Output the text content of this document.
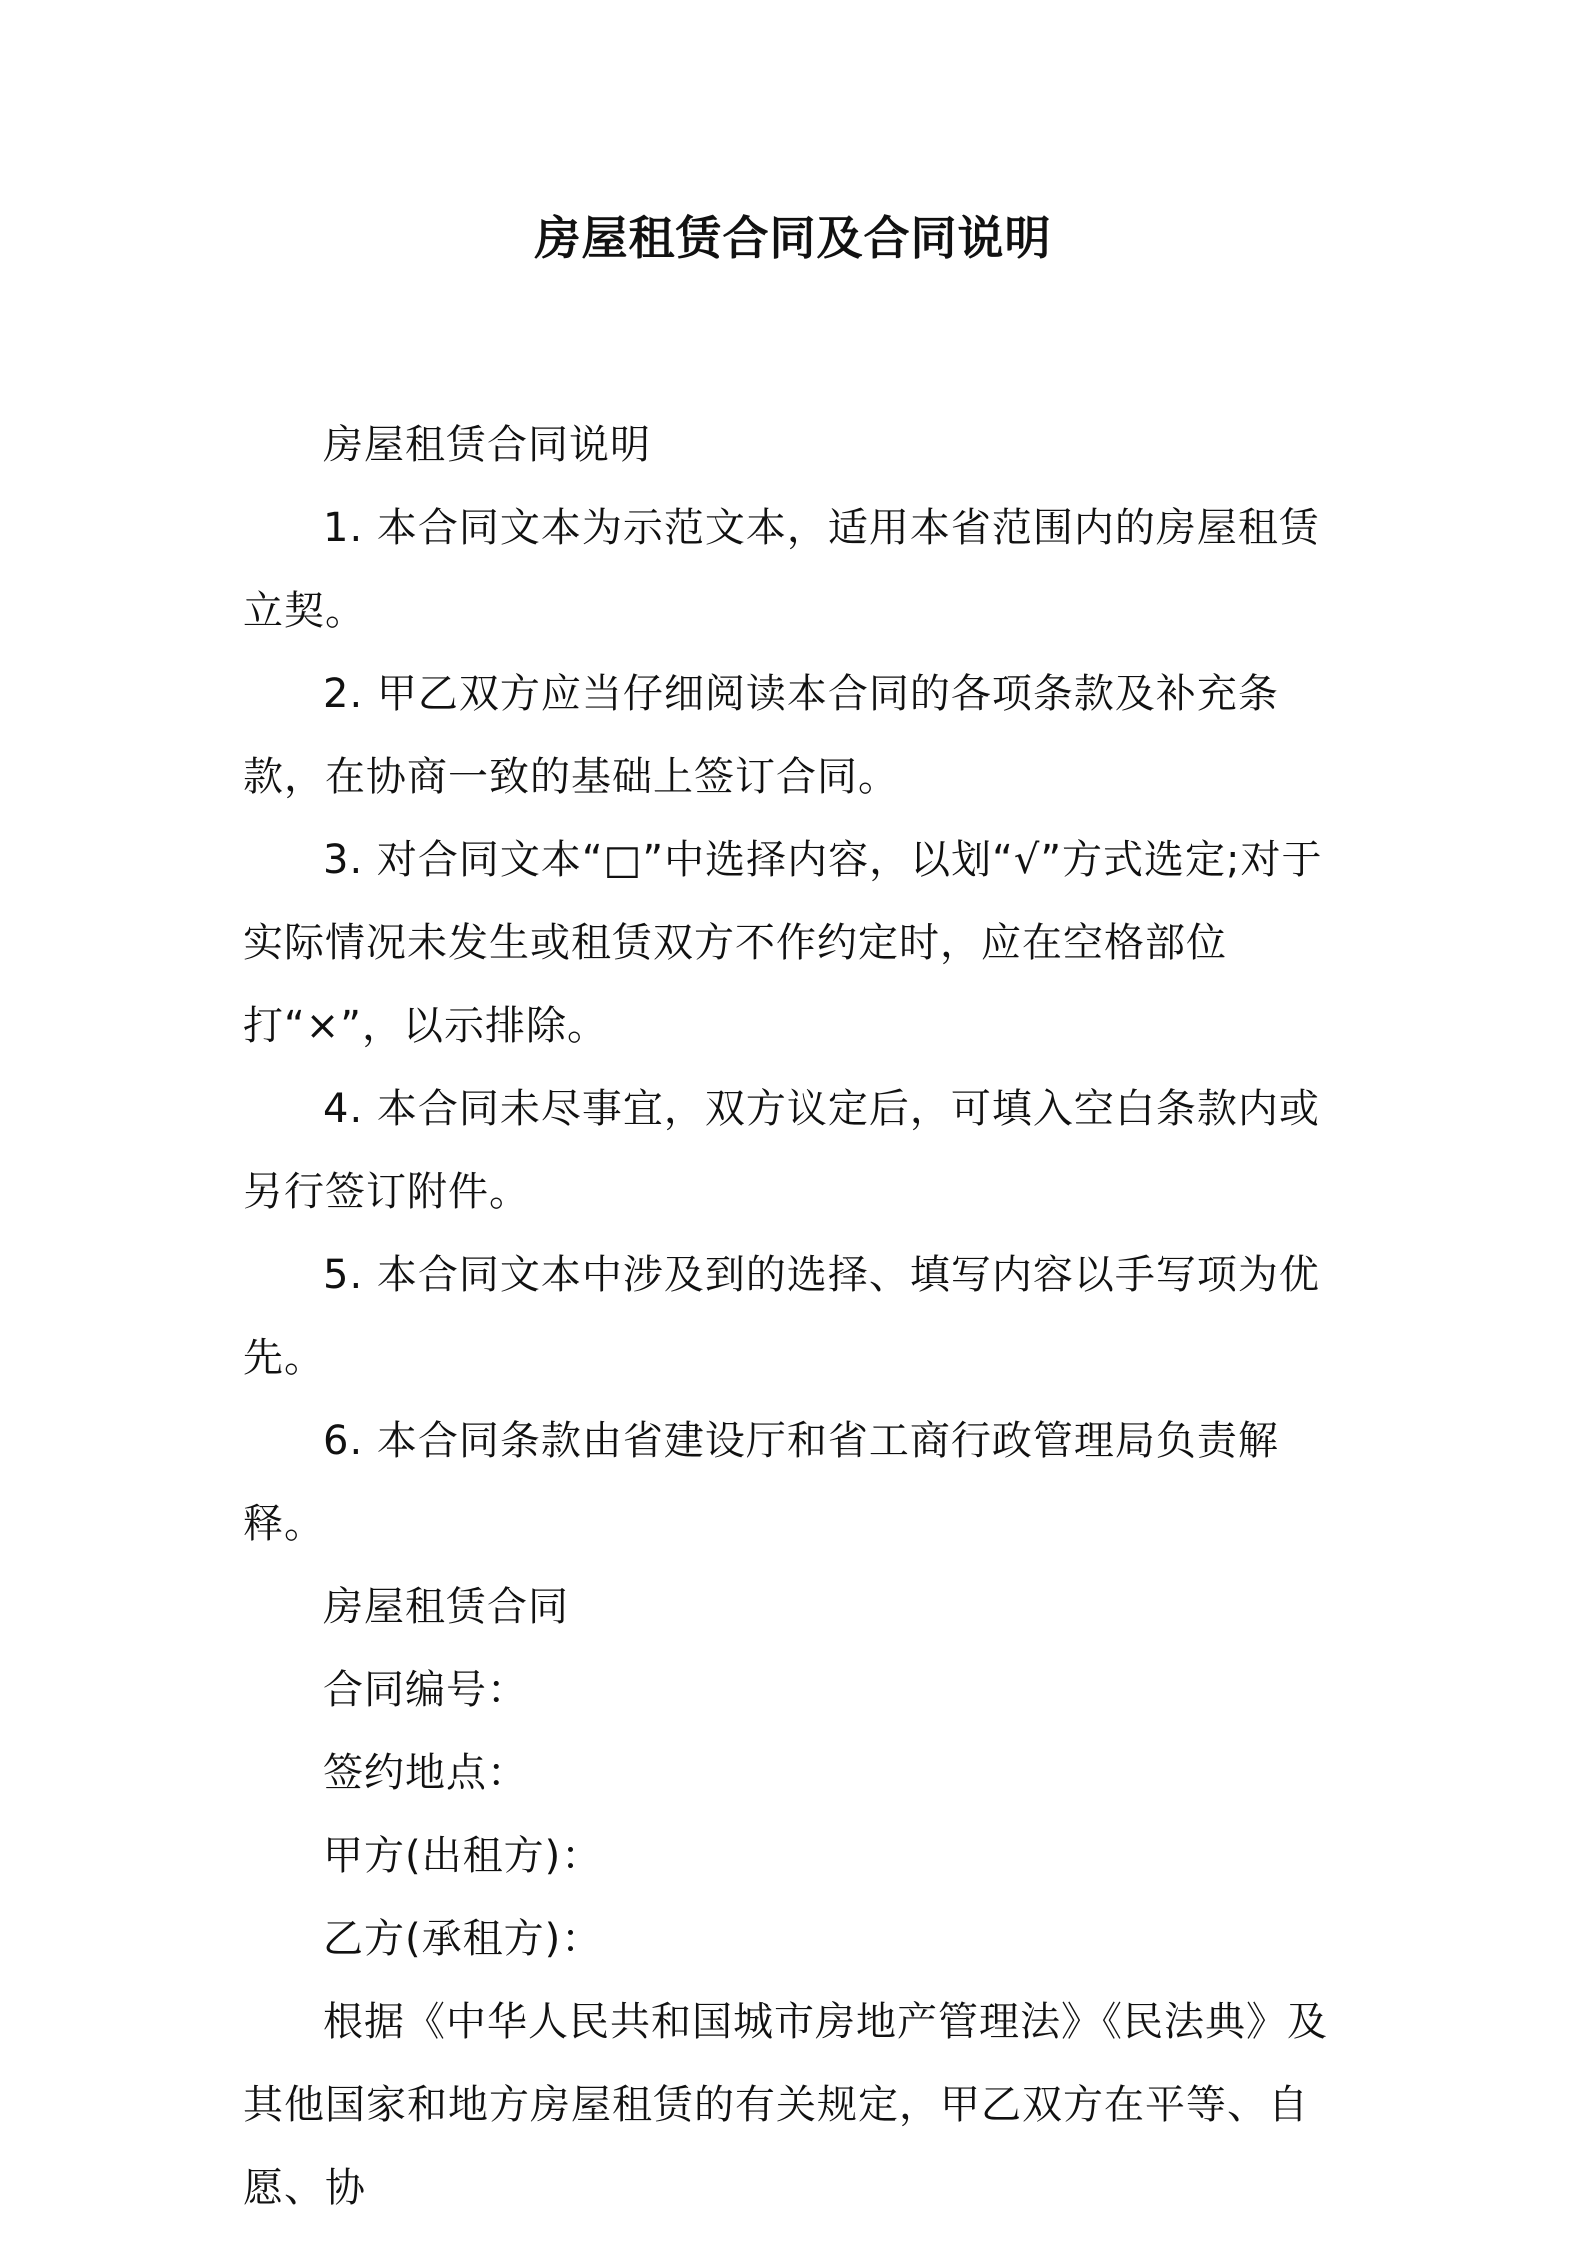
房屋租赁合同及合同说明

房屋租赁合同说明

1. 本合同文本为示范文本，适用本省范围内的房屋租赁立契。

2. 甲乙双方应当仔细阅读本合同的各项条款及补充条款，在协商一致的基础上签订合同。

3. 对合同文本“□”中选择内容，以划“√”方式选定;对于实际情况未发生或租赁双方不作约定时，应在空格部位打“×”，以示排除。

4. 本合同未尽事宜，双方议定后，可填入空白条款内或另行签订附件。

5. 本合同文本中涉及到的选择、填写内容以手写项为优先。

6. 本合同条款由省建设厅和省工商行政管理局负责解释。

房屋租赁合同

合同编号：

签约地点：

甲方(出租方)：

乙方(承租方)：

根据《中华人民共和国城市房地产管理法》《民法典》及其他国家和地方房屋租赁的有关规定，甲乙双方在平等、自愿、协
